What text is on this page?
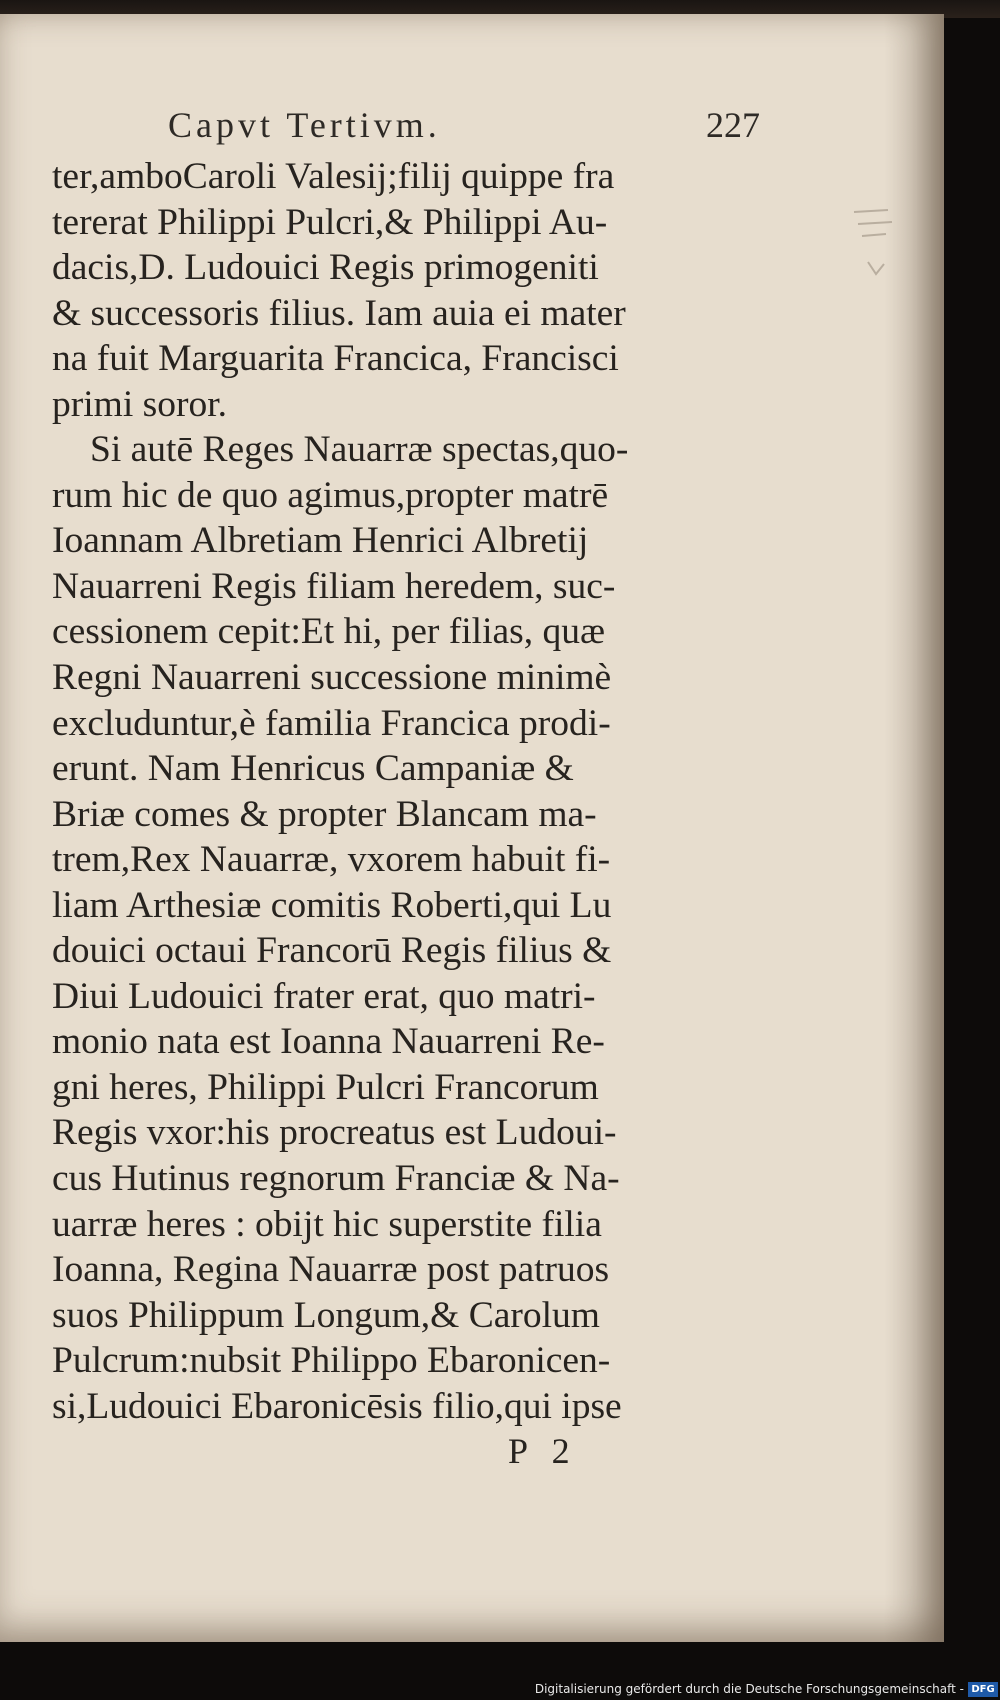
Capvt Tertivm.	227
ter,amboCaroli Valesij;filij quippe fra
tererat Philippi Pulcri,& Philippi Au-
dacis,D. Ludouici Regis primogeniti
& successoris filius. Iam auia ei mater
na fuit Marguarita Francica, Francisci
primi soror.
Si autē Reges Nauarræ spectas,quo-
rum hic de quo agimus,propter matrē
Ioannam Albretiam Henrici Albretij
Nauarreni Regis filiam heredem, suc-
cessionem cepit:Et hi, per filias, quæ
Regni Nauarreni successione minimè
excluduntur,è familia Francica prodi-
erunt. Nam Henricus Campaniæ &
Briæ comes & propter Blancam ma-
trem,Rex Nauarræ, vxorem habuit fi-
liam Arthesiæ comitis Roberti,qui Lu
douici octaui Francorū Regis filius &
Diui Ludouici frater erat, quo matri-
monio nata est Ioanna Nauarreni Re-
gni heres, Philippi Pulcri Francorum
Regis vxor:his procreatus est Ludoui-
cus Hutinus regnorum Franciæ & Na-
uarræ heres : obijt hic superstite filia
Ioanna, Regina Nauarræ post patruos
suos Philippum Longum,& Carolum
Pulcrum:nubsit Philippo Ebaronicen-
si,Ludouici Ebaronicēsis filio,qui ipse
P 2
Digitalisierung gefördert durch die Deutsche Forschungsgemeinschaft - DFG
